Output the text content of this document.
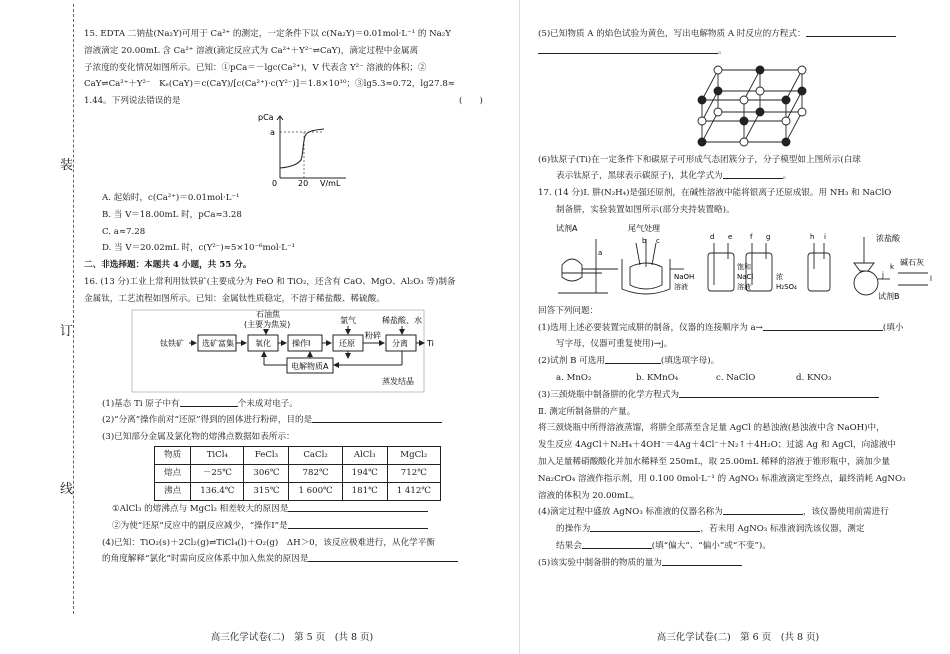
装
订
线
15. EDTA 二钠盐(Na₂Y)可用于 Ca²⁺ 的测定，一定条件下以 c(Na₂Y)＝0.01mol·L⁻¹ 的 Na₂Y
溶液滴定 20.00mL 含 Ca²⁺ 溶液(滴定反应式为 Ca²⁺＋Y²⁻⇌CaY)，滴定过程中金属离
子浓度的变化情况如图所示。已知：①pCa＝－lgc(Ca²⁺)，V 代表含 Y²⁻ 溶液的体积；②
CaY⇌Ca²⁺＋Y²⁻　Kₑ(CaY)＝c(CaY)/[c(Ca²⁺)·c(Y²⁻)]＝1.8×10¹⁰；③lg5.3≈0.72，lg27.8≈
1.44。下列说法错误的是	(　　)
pCa
a
0	20 V/mL
A. 起始时，c(Ca²⁺)＝0.01mol·L⁻¹
B. 当 V＝18.00mL 时，pCa≈3.28
C. a≈7.28
D. 当 V＝20.02mL 时，c(Y²⁻)≈5×10⁻⁶mol·L⁻¹
二、非选择题：本题共 4 小题，共 55 分。
16. (13 分)工业上常利用钛铁矿(主要成分为 FeO 和 TiO₂，还含有 CaO、MgO、Al₂O₃ 等)制备
金属钛，工艺流程如图所示。已知：金属钛性质稳定，不溶于稀盐酸、稀硫酸。
钛铁矿 选矿富集
石油焦
(主要为焦炭)
氧化	操作Ⅰ
氯气
还原
粉碎
稀盐酸、水
分离 Ti
电解物质A
蒸发结晶
(1)基态 Ti 原子中有	个未成对电子。
(2)“分离”操作前对“还原”得到的固体进行粉碎，目的是
(3)已知部分金属及氯化物的熔沸点数据如表所示：
物质	TiCl₄	FeCl₃	CaCl₂	AlCl₃	MgCl₂
熔点	－25℃	306℃	782℃	194℃	712℃
沸点	136.4℃	315℃	1 600℃	181℃	1 412℃
①AlCl₃ 的熔沸点与 MgCl₂ 相差较大的原因是
②为使“还原”反应中的副反应减少，“操作Ⅰ”是
(4)已知：TiO₂(s)＋2Cl₂(g)⇌TiCl₄(l)＋O₂(g)　ΔH＞0，该反应极难进行，从化学平衡
的角度解释“氯化”时需向反应体系中加入焦炭的原因是
高三化学试卷(二)　第 5 页　(共 8 页)
(5)已知物质 A 的焰色试验为黄色，写出电解物质 A 时反应的方程式：
。
(6)钛原子(Ti)在一定条件下和碳原子可形成气态团簇分子，分子模型如上图所示(白球
表示钛原子，黑球表示碳原子)，其化学式为	。
17. (14 分)Ⅰ. 肼(N₂H₄)是强还原剂，在碱性溶液中能将银离子还原成银。用 NH₃ 和 NaClO
制备肼，实验装置如图所示(部分夹持装置略)。
试剂A
a
尾气处理
b c
NaOH
溶液
d e
饱和
NaCl
溶液
f g
浓
H₂SO₄
h i	浓盐酸
j
k
l
试剂B
碱石灰
回答下列问题：
(1)选用上述必要装置完成肼的制备，仪器的连接顺序为 a→	(填小
写字母，仪器可重复使用)→j。
(2)试剂 B 可选用	(填选项字母)。
a. MnO₂	b. KMnO₄	c. NaClO	d. KNO₃
(3)三颈烧瓶中制备肼的化学方程式为
Ⅱ. 测定所制备肼的产量。
将三颈烧瓶中所得溶液蒸馏，将肼全部蒸至含足量 AgCl 的悬浊液(悬浊液中含 NaOH)中，
发生反应 4AgCl＋N₂H₄＋4OH⁻＝4Ag＋4Cl⁻＋N₂↑＋4H₂O；过滤 Ag 和 AgCl，向滤液中
加入足量稀硝酸酸化并加水稀释至 250mL，取 25.00mL 稀释的溶液于锥形瓶中，滴加少量
Na₂CrO₄ 溶液作指示剂，用 0.100 0mol·L⁻¹ 的 AgNO₃ 标准液滴定至终点，最终消耗 AgNO₃
溶液的体积为 20.00mL。
(4)滴定过程中盛放 AgNO₃ 标准液的仪器名称为	，该仪器使用前需进行
的操作为	，若未用 AgNO₃ 标准液润洗该仪器，测定
结果会	(填“偏大”、“偏小”或“不变”)。
(5)该实验中制备肼的物质的量为
高三化学试卷(二)　第 6 页　(共 8 页)
